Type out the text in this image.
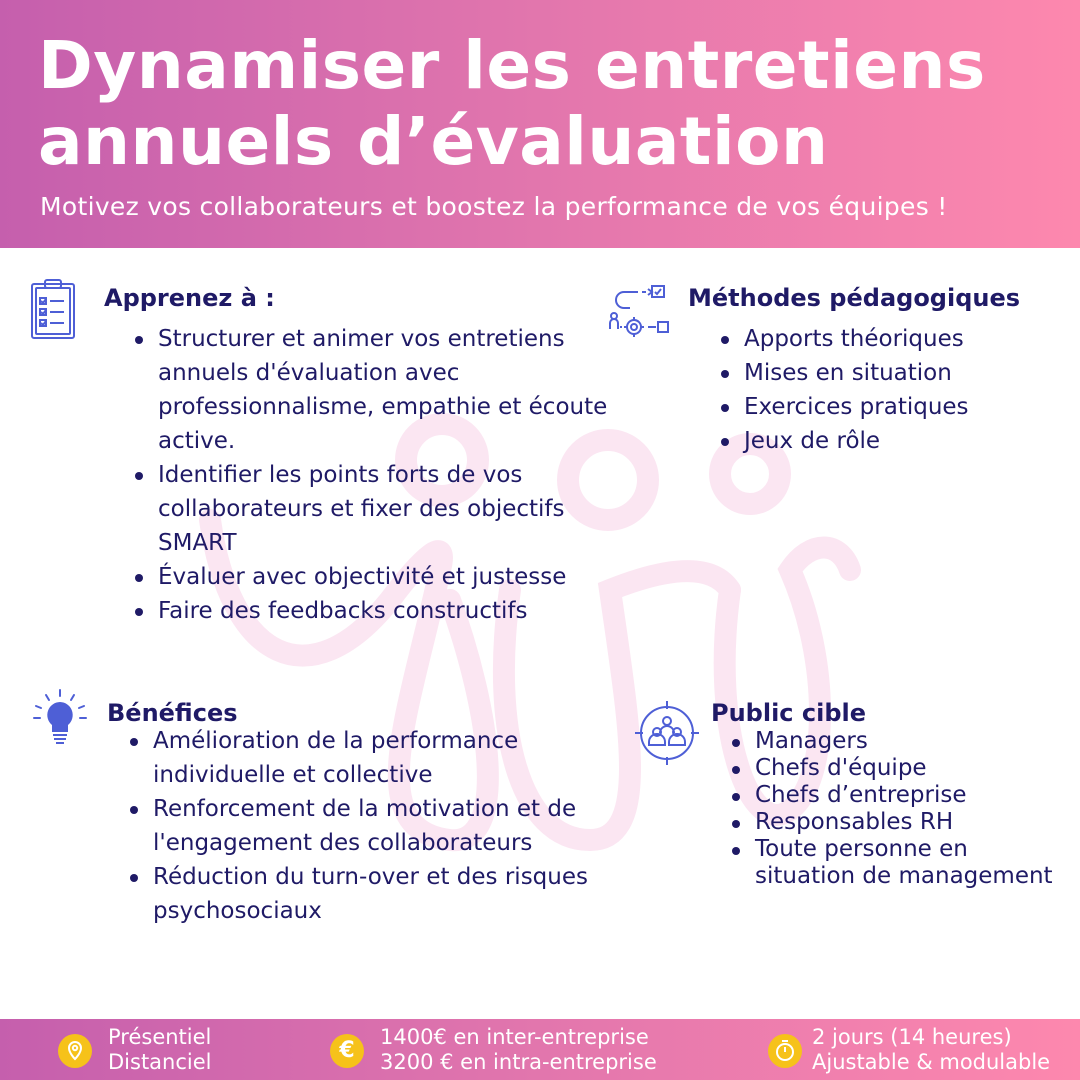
Dynamiser les entretiens
annuels d’évaluation
Motivez vos collaborateurs et boostez la performance de vos équipes !
Apprenez à :
Structurer et animer vos entretiens annuels d'évaluation avec professionnalisme, empathie et écoute active.
Identifier les points forts de vos collaborateurs et fixer des objectifs SMART
Évaluer avec objectivité et justesse
Faire des feedbacks constructifs
Méthodes pédagogiques
Apports théoriques
Mises en situation
Exercices pratiques
Jeux de rôle
Bénéfices
Amélioration de la performance individuelle et collective
Renforcement de la motivation et de l'engagement des collaborateurs
Réduction du turn-over et des risques psychosociaux
Public cible
Managers
Chefs d'équipe
Chefs d’entreprise
Responsables RH
Toute personne en situation de management
Présentiel
Distanciel	€
1400€ en inter-entreprise
3200 € en intra-entreprise
2 jours (14 heures)
Ajustable & modulable
